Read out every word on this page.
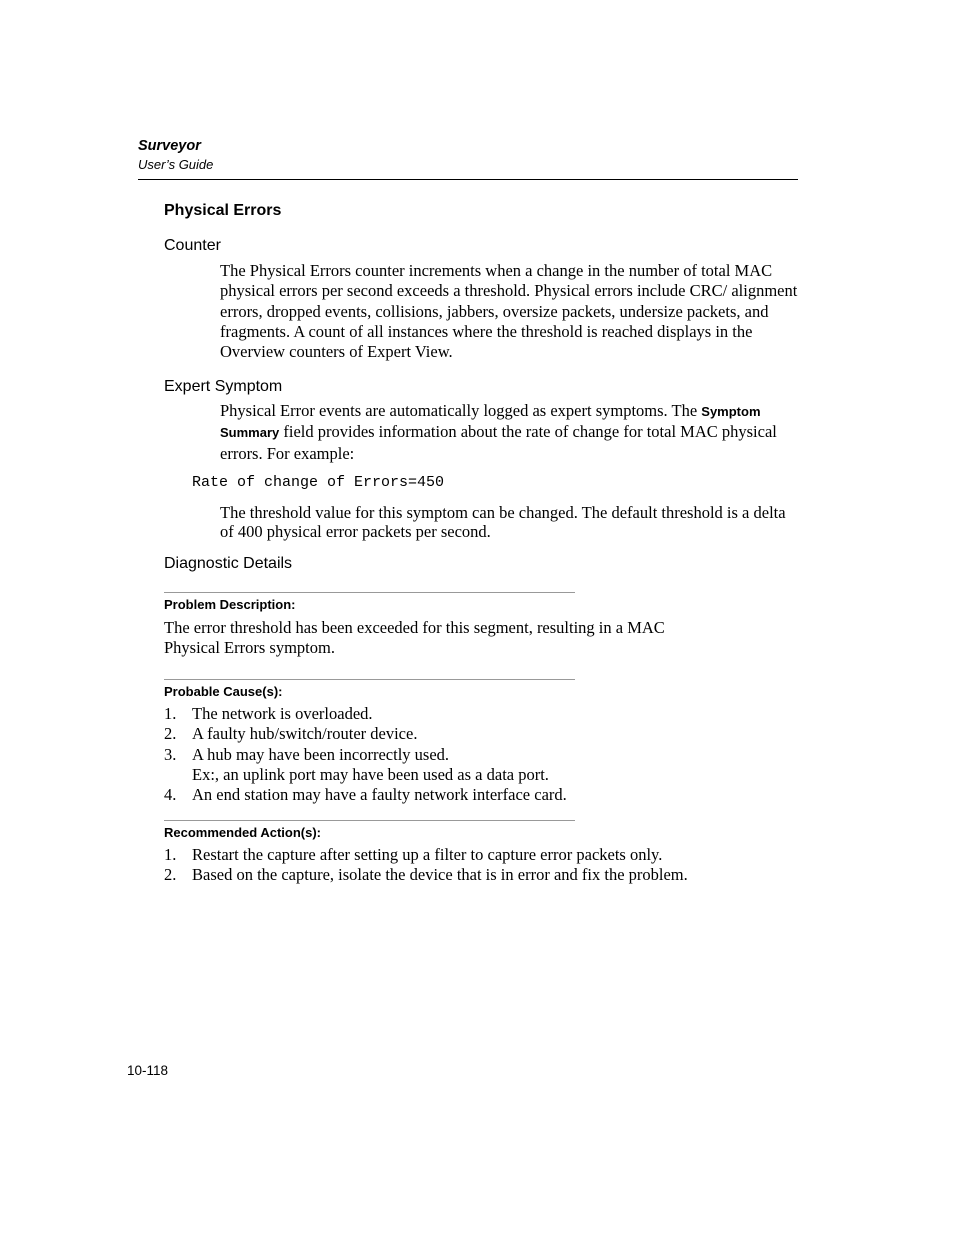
Surveyor
User’s Guide
Physical Errors
Counter
The Physical Errors counter increments when a change in the number of total MAC physical errors per second exceeds a threshold. Physical errors include CRC/ alignment errors, dropped events, collisions, jabbers, oversize packets, undersize packets, and fragments. A count of all instances where the threshold is reached displays in the Overview counters of Expert View.
Expert Symptom
Physical Error events are automatically logged as expert symptoms. The Symptom Summary field provides information about the rate of change for total MAC physical errors. For example:
Rate of change of Errors=450
The threshold value for this symptom can be changed. The default threshold is a delta of 400 physical error packets per second.
Diagnostic Details
Problem Description:
The error threshold has been exceeded for this segment, resulting in a MAC Physical Errors symptom.
Probable Cause(s):
1. The network is overloaded.
2. A faulty hub/switch/router device.
3. A hub may have been incorrectly used.
Ex:, an uplink port may have been used as a data port.
4. An end station may have a faulty network interface card.
Recommended Action(s):
1. Restart the capture after setting up a filter to capture error packets only.
2. Based on the capture, isolate the device that is in error and fix the problem.
10-118
